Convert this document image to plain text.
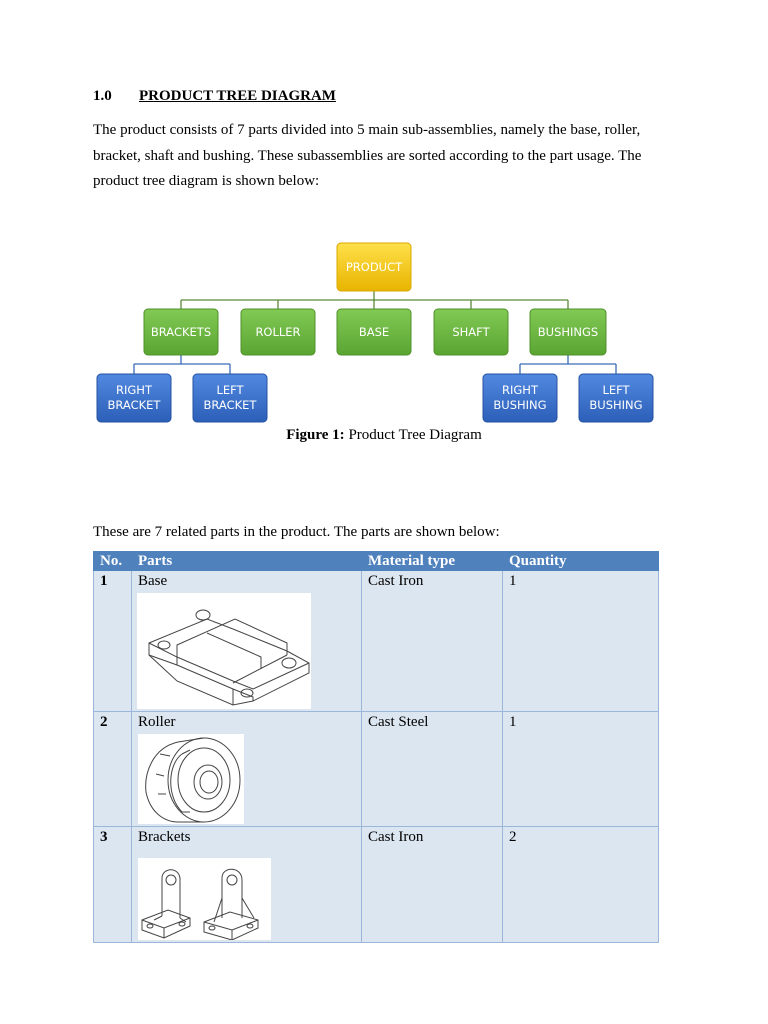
1.0 PRODUCT TREE DIAGRAM
The product consists of 7 parts divided into 5 main sub-assemblies, namely the base, roller, bracket, shaft and bushing. These subassemblies are sorted according to the part usage. The product tree diagram is shown below:
PRODUCT
BRACKETS	ROLLER	BASE	SHAFT	BUSHINGS
RIGHT
BRACKET
LEFT
BRACKET
RIGHT
BUSHING
LEFT
BUSHING
Figure 1: Product Tree Diagram
These are 7 related parts in the product. The parts are shown below:
No.	Parts	Material type	Quantity
1	Base	Cast Iron	1
2	Roller	Cast Steel	1
3	Brackets	Cast Iron	2
